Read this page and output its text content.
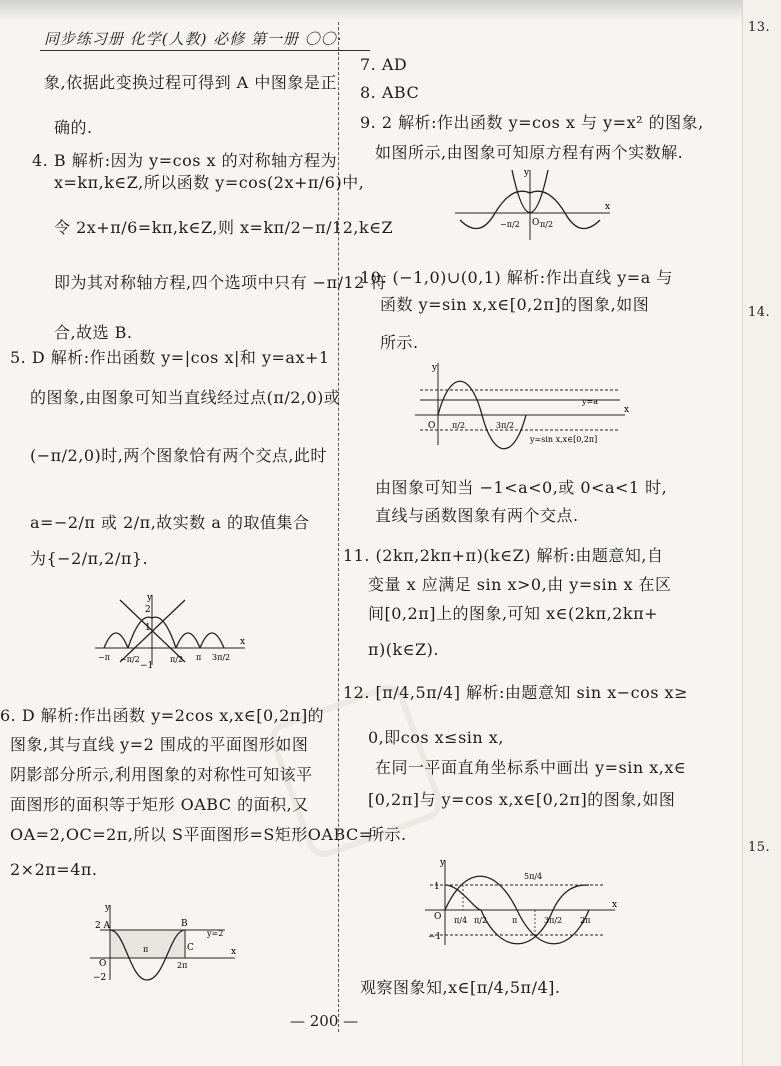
同步练习册 化学(人教) 必修 第一册 〇〇·
象,依据此变换过程可得到 A 中图象是正
确的.
4. B 解析:因为 y=cos x 的对称轴方程为
x=kπ,k∈Z,所以函数 y=cos(2x+π/6)中,
令 2x+π/6=kπ,k∈Z,则 x=kπ/2−π/12,k∈Z
即为其对称轴方程,四个选项中只有 −π/12 符
合,故选 B.
5. D 解析:作出函数 y=|cos x|和 y=ax+1
的图象,由图象可知当直线经过点(π/2,0)或
(−π/2,0)时,两个图象恰有两个交点,此时
a=−2/π 或 2/π,故实数 a 的取值集合
为{−2/π,2/π}.
y
x
2
1
−1
−π −π/2	π/2 π 3π/2
6. D 解析:作出函数 y=2cos x,x∈[0,2π]的
图象,其与直线 y=2 围成的平面图形如图
阴影部分所示,利用图象的对称性可知该平
面图形的面积等于矩形 OABC 的面积,又
OA=2,OC=2π,所以 S平面图形=S矩形OABC=
2×2π=4π.
y
x
2 A	B
C
O
−2
π
2π
y=2
7. AD
8. ABC
9. 2 解析:作出函数 y=cos x 与 y=x² 的图象,
如图所示,由图象可知原方程有两个实数解.
y
x
O
−π/2	π/2
10. (−1,0)∪(0,1) 解析:作出直线 y=a 与
函数 y=sin x,x∈[0,2π]的图象,如图
所示.
y
x
O
y=a
π/2	3π/2
y=sin x,x∈[0,2π]
由图象可知当 −1<a<0,或 0<a<1 时,
直线与函数图象有两个交点.
11. (2kπ,2kπ+π)(k∈Z) 解析:由题意知,自
变量 x 应满足 sin x>0,由 y=sin x 在区
间[0,2π]上的图象,可知 x∈(2kπ,2kπ+
π)(k∈Z).
12. [π/4,5π/4] 解析:由题意知 sin x−cos x≥
0,即cos x≤sin x,
在同一平面直角坐标系中画出 y=sin x,x∈
[0,2π]与 y=cos x,x∈[0,2π]的图象,如图
所示.
y
x
O
1
−1
π/4 π/2	π
5π/4
3π/2 2π
观察图象知,x∈[π/4,5π/4].
13.
14.
15.
— 200 —
